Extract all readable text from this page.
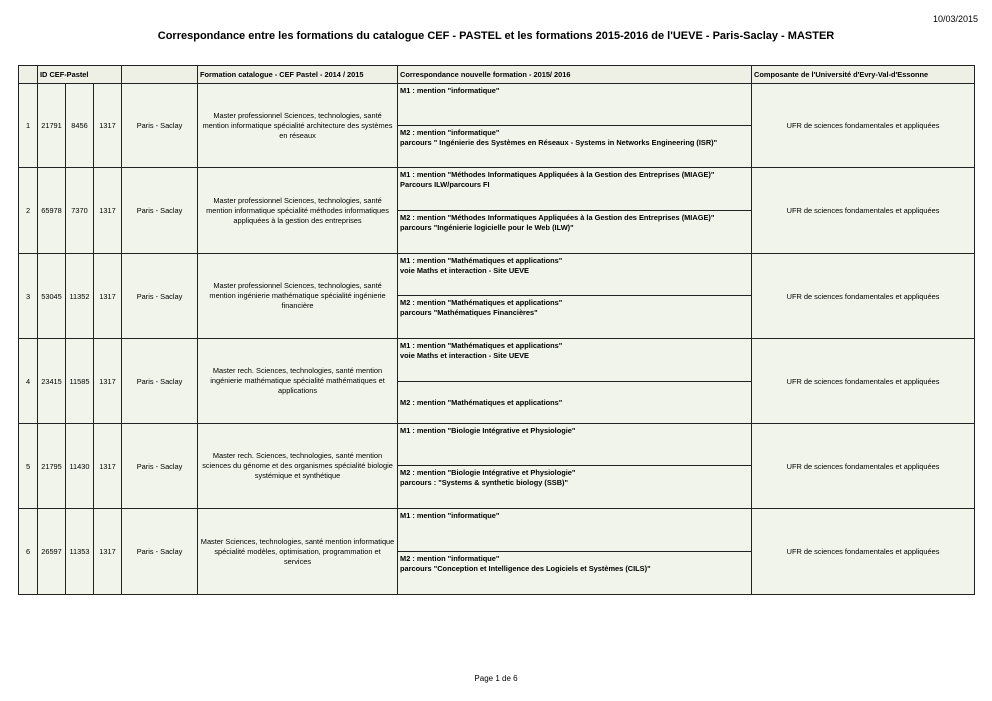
10/03/2015
Correspondance entre les formations du catalogue CEF - PASTEL et les formations 2015-2016 de l'UEVE - Paris-Saclay - MASTER
	ID CEF-Pastel				Formation catalogue - CEF Pastel - 2014 / 2015	Correspondance nouvelle formation - 2015/ 2016	Composante de l'Université d'Evry-Val-d'Essonne
1	21791	8456	1317	Paris - Saclay	Master professionnel Sciences, technologies, santé mention informatique spécialité architecture des systèmes en réseaux	M1 : mention "informatique"	UFR de sciences fondamentales et appliquées

						M2 : mention "informatique"
parcours " Ingénierie des Systèmes en Réseaux - Systems in Networks Engineering (ISR)"	

2	65978	7370	1317	Paris - Saclay	Master professionnel Sciences, technologies, santé mention informatique spécialité méthodes informatiques appliquées à la gestion des entreprises	M1 : mention "Méthodes Informatiques Appliquées à la Gestion des Entreprises (MIAGE)"
Parcours ILW/parcours FI	UFR de sciences fondamentales et appliquées

						M2 : mention "Méthodes Informatiques Appliquées à la Gestion des Entreprises (MIAGE)"
parcours "Ingénierie logicielle pour le Web (ILW)"	

3	53045	11352	1317	Paris - Saclay	Master professionnel Sciences, technologies, santé mention ingénierie mathématique spécialité ingénierie financière	M1 : mention "Mathématiques et applications"
voie Maths et interaction - Site UEVE	UFR de sciences fondamentales et appliquées

						M2 : mention "Mathématiques et applications"
parcours "Mathématiques Financières"	

4	23415	11585	1317	Paris - Saclay	Master rech. Sciences, technologies, santé mention ingénierie mathématique spécialité mathématiques et applications	M1 : mention "Mathématiques et applications"
voie Maths et interaction - Site UEVE	UFR de sciences fondamentales et appliquées

						M2 : mention "Mathématiques et applications"	

5	21795	11430	1317	Paris - Saclay	Master rech. Sciences, technologies, santé mention sciences du génome et des organismes spécialité biologie systémique et synthétique	M1 : mention "Biologie Intégrative et Physiologie"	UFR de sciences fondamentales et appliquées

						M2 : mention "Biologie Intégrative et Physiologie"
parcours : "Systems & synthetic biology (SSB)"	

6	26597	11353	1317	Paris - Saclay	Master Sciences, technologies, santé mention informatique spécialité modèles, optimisation, programmation et services	M1 : mention "informatique"	UFR de sciences fondamentales et appliquées

						M2 : mention "informatique"
parcours "Conception et Intelligence des Logiciels et Systèmes (CILS)"	
Page 1 de 6
